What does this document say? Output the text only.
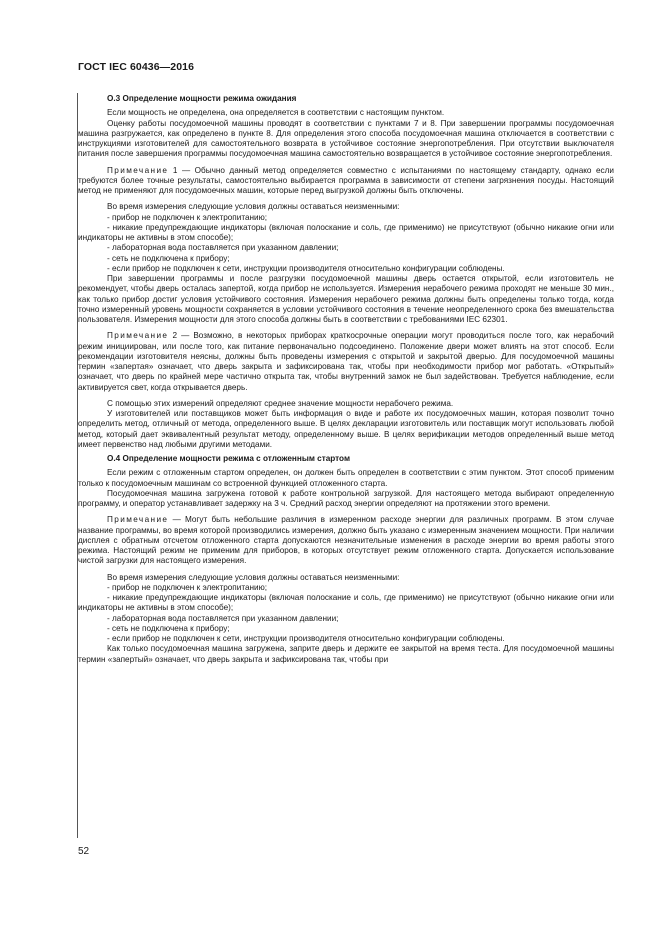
ГОСТ IEC 60436—2016

О.3 Определение мощности режима ожидания

Если мощность не определена, она определяется в соответствии с настоящим пунктом.

Оценку работы посудомоечной машины проводят в соответствии с пунктами 7 и 8. При завершении программы посудомоечная машина разгружается, как определено в пункте 8. Для определения этого способа посудомоечная машина отключается в соответствии с инструкциями изготовителей для самостоятельного возврата в устойчивое состояние энергопотребления. При отсутствии выключателя питания после завершения программы посудомоечная машина самостоятельно возвращается в устойчивое состояние энергопотребления.

Примечание 1 — Обычно данный метод определяется совместно с испытаниями по настоящему стандарту, однако если требуются более точные результаты, самостоятельно выбирается программа в зависимости от степени загрязнения посуды. Настоящий метод не применяют для посудомоечных машин, которые перед выгрузкой должны быть отключены.

Во время измерения следующие условия должны оставаться неизменными:

- прибор не подключен к электропитанию;

- никакие предупреждающие индикаторы (включая полоскание и соль, где применимо) не присутствуют (обычно никакие огни или индикаторы не активны в этом способе);

- лабораторная вода поставляется при указанном давлении;

- сеть не подключена к прибору;

- если прибор не подключен к сети, инструкции производителя относительно конфигурации соблюдены.

При завершении программы и после разгрузки посудомоечной машины дверь остается открытой, если изготовитель не рекомендует, чтобы дверь осталась запертой, когда прибор не используется. Измерения нерабочего режима проходят не меньше 30 мин., как только прибор достиг условия устойчивого состояния. Измерения нерабочего режима должны быть определены только тогда, когда точно измеренный уровень мощности сохраняется в условии устойчивого состояния в течение неопределенного срока без вмешательства пользователя. Измерения мощности для этого способа должны быть в соответствии с требованиями IEC 62301.

Примечание 2 — Возможно, в некоторых приборах краткосрочные операции могут проводиться после того, как нерабочий режим инициирован, или после того, как питание первоначально подсоединено. Положение двери может влиять на этот способ. Если рекомендации изготовителя неясны, должны быть проведены измерения с открытой и закрытой дверью. Для посудомоечной машины термин «запертая» означает, что дверь закрыта и зафиксирована так, чтобы при необходимости прибор мог работать. «Открытый» означает, что дверь по крайней мере частично открыта так, чтобы внутренний замок не был задействован. Требуется наблюдение, если активируется свет, когда открывается дверь.

С помощью этих измерений определяют среднее значение мощности нерабочего режима.

У изготовителей или поставщиков может быть информация о виде и работе их посудомоечных машин, которая позволит точно определить метод, отличный от метода, определенного выше. В целях декларации изготовитель или поставщик могут использовать любой метод, который дает эквивалентный результат методу, определенному выше. В целях верификации методов определенный выше метод имеет первенство над любыми другими методами.

О.4 Определение мощности режима с отложенным стартом

Если режим с отложенным стартом определен, он должен быть определен в соответствии с этим пунктом. Этот способ применим только к посудомоечным машинам со встроенной функцией отложенного старта.

Посудомоечная машина загружена готовой к работе контрольной загрузкой. Для настоящего метода выбирают определенную программу, и оператор устанавливает задержку на 3 ч. Средний расход энергии определяют на протяжении этого времени.

Примечание — Могут быть небольшие различия в измеренном расходе энергии для различных программ. В этом случае название программы, во время которой производились измерения, должно быть указано с измеренным значением мощности. При наличии дисплея с обратным отсчетом отложенного старта допускаются незначительные изменения в расходе энергии во время работы этого режима. Настоящий режим не применим для приборов, в которых отсутствует режим отложенного старта. Допускается использование чистой загрузки для настоящего измерения.

Во время измерения следующие условия должны оставаться неизменными:

- прибор не подключен к электропитанию;

- никакие предупреждающие индикаторы (включая полоскание и соль, где применимо) не присутствуют (обычно никакие огни или индикаторы не активны в этом способе);

- лабораторная вода поставляется при указанном давлении;

- сеть не подключена к прибору;

- если прибор не подключен к сети, инструкции производителя относительно конфигурации соблюдены.

Как только посудомоечная машина загружена, заприте дверь и держите ее закрытой на время теста. Для посудомоечной машины термин «запертый» означает, что дверь закрыта и зафиксирована так, чтобы при

52
